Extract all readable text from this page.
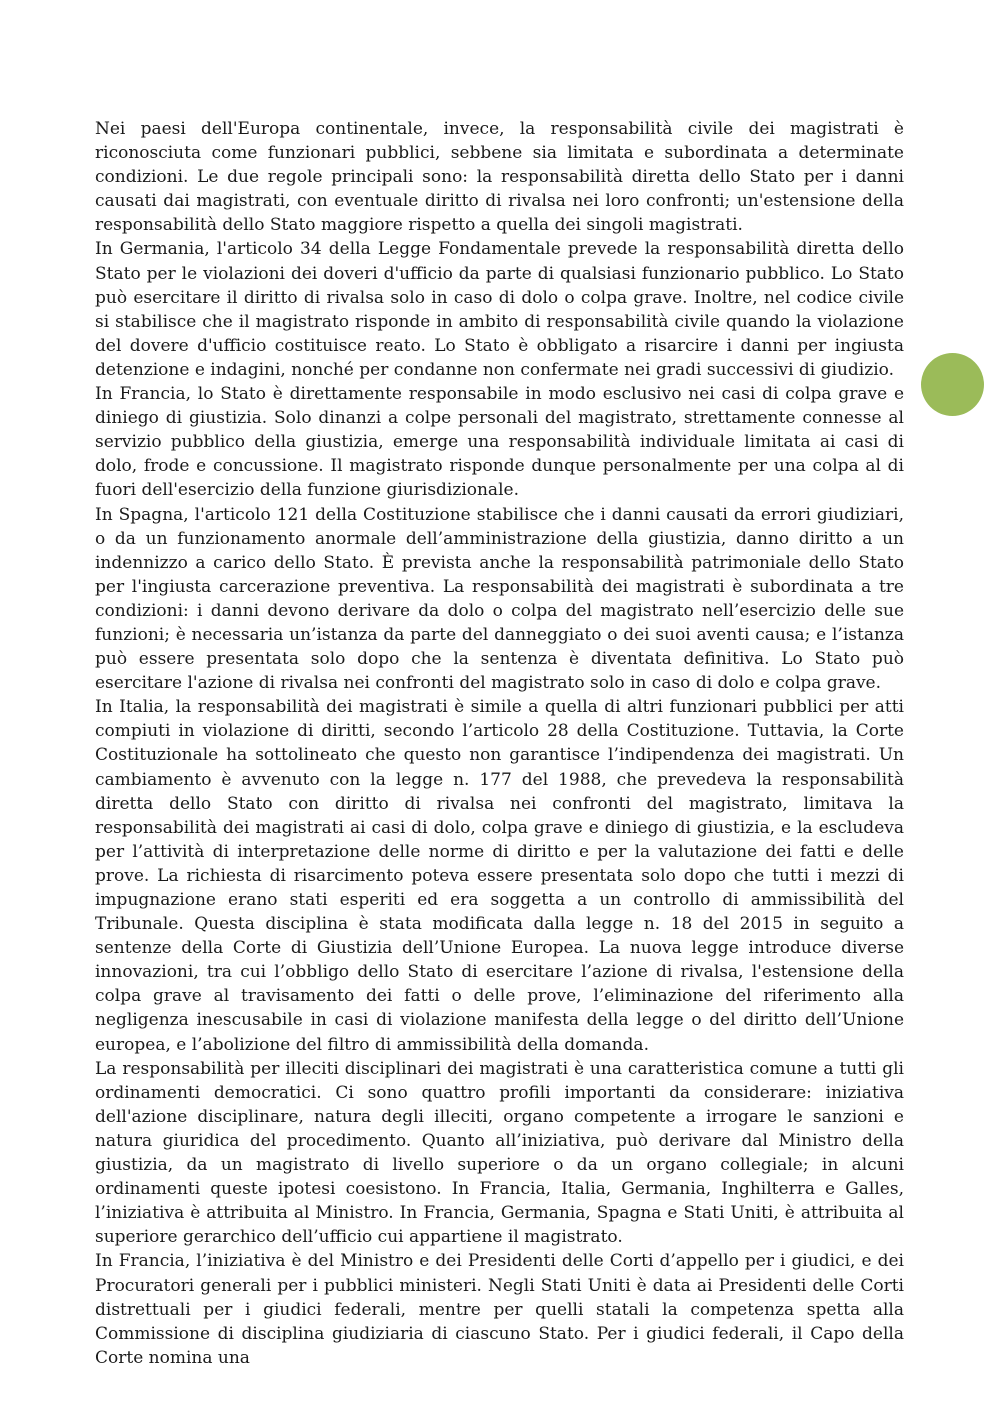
Nei paesi dell'Europa continentale, invece, la responsabilità civile dei magistrati è riconosciuta come funzionari pubblici, sebbene sia limitata e subordinata a determinate condizioni. Le due regole principali sono: la responsabilità diretta dello Stato per i danni causati dai magistrati, con eventuale diritto di rivalsa nei loro confronti; un'estensione della responsabilità dello Stato maggiore rispetto a quella dei singoli magistrati.

In Germania, l'articolo 34 della Legge Fondamentale prevede la responsabilità diretta dello Stato per le violazioni dei doveri d'ufficio da parte di qualsiasi funzionario pubblico. Lo Stato può esercitare il diritto di rivalsa solo in caso di dolo o colpa grave. Inoltre, nel codice civile si stabilisce che il magistrato risponde in ambito di responsabilità civile quando la violazione del dovere d'ufficio costituisce reato. Lo Stato è obbligato a risarcire i danni per ingiusta detenzione e indagini, nonché per condanne non confermate nei gradi successivi di giudizio.

In Francia, lo Stato è direttamente responsabile in modo esclusivo nei casi di colpa grave e diniego di giustizia. Solo dinanzi a colpe personali del magistrato, strettamente connesse al servizio pubblico della giustizia, emerge una responsabilità individuale limitata ai casi di dolo, frode e concussione. Il magistrato risponde dunque personalmente per una colpa al di fuori dell'esercizio della funzione giurisdizionale.

In Spagna, l'articolo 121 della Costituzione stabilisce che i danni causati da errori giudiziari, o da un funzionamento anormale dell’amministrazione della giustizia, danno diritto a un indennizzo a carico dello Stato. È prevista anche la responsabilità patrimoniale dello Stato per l'ingiusta carcerazione preventiva. La responsabilità dei magistrati è subordinata a tre condizioni: i danni devono derivare da dolo o colpa del magistrato nell’esercizio delle sue funzioni; è necessaria un’istanza da parte del danneggiato o dei suoi aventi causa; e l’istanza può essere presentata solo dopo che la sentenza è diventata definitiva. Lo Stato può esercitare l'azione di rivalsa nei confronti del magistrato solo in caso di dolo e colpa grave.

In Italia, la responsabilità dei magistrati è simile a quella di altri funzionari pubblici per atti compiuti in violazione di diritti, secondo l’articolo 28 della Costituzione. Tuttavia, la Corte Costituzionale ha sottolineato che questo non garantisce l’indipendenza dei magistrati. Un cambiamento è avvenuto con la legge n. 177 del 1988, che prevedeva la responsabilità diretta dello Stato con diritto di rivalsa nei confronti del magistrato, limitava la responsabilità dei magistrati ai casi di dolo, colpa grave e diniego di giustizia, e la escludeva per l’attività di interpretazione delle norme di diritto e per la valutazione dei fatti e delle prove. La richiesta di risarcimento poteva essere presentata solo dopo che tutti i mezzi di impugnazione erano stati esperiti ed era soggetta a un controllo di ammissibilità del Tribunale. Questa disciplina è stata modificata dalla legge n. 18 del 2015 in seguito a sentenze della Corte di Giustizia dell’Unione Europea. La nuova legge introduce diverse innovazioni, tra cui l’obbligo dello Stato di esercitare l’azione di rivalsa, l'estensione della colpa grave al travisamento dei fatti o delle prove, l’eliminazione del riferimento alla negligenza inescusabile in casi di violazione manifesta della legge o del diritto dell’Unione europea, e l’abolizione del filtro di ammissibilità della domanda.

La responsabilità per illeciti disciplinari dei magistrati è una caratteristica comune a tutti gli ordinamenti democratici. Ci sono quattro profili importanti da considerare: iniziativa dell'azione disciplinare, natura degli illeciti, organo competente a irrogare le sanzioni e natura giuridica del procedimento. Quanto all’iniziativa, può derivare dal Ministro della giustizia, da un magistrato di livello superiore o da un organo collegiale; in alcuni ordinamenti queste ipotesi coesistono. In Francia, Italia, Germania, Inghilterra e Galles, l’iniziativa è attribuita al Ministro. In Francia, Germania, Spagna e Stati Uniti, è attribuita al superiore gerarchico dell’ufficio cui appartiene il magistrato.

In Francia, l’iniziativa è del Ministro e dei Presidenti delle Corti d’appello per i giudici, e dei Procuratori generali per i pubblici ministeri. Negli Stati Uniti è data ai Presidenti delle Corti distrettuali per i giudici federali, mentre per quelli statali la competenza spetta alla Commissione di disciplina giudiziaria di ciascuno Stato. Per i giudici federali, il Capo della Corte nomina una
